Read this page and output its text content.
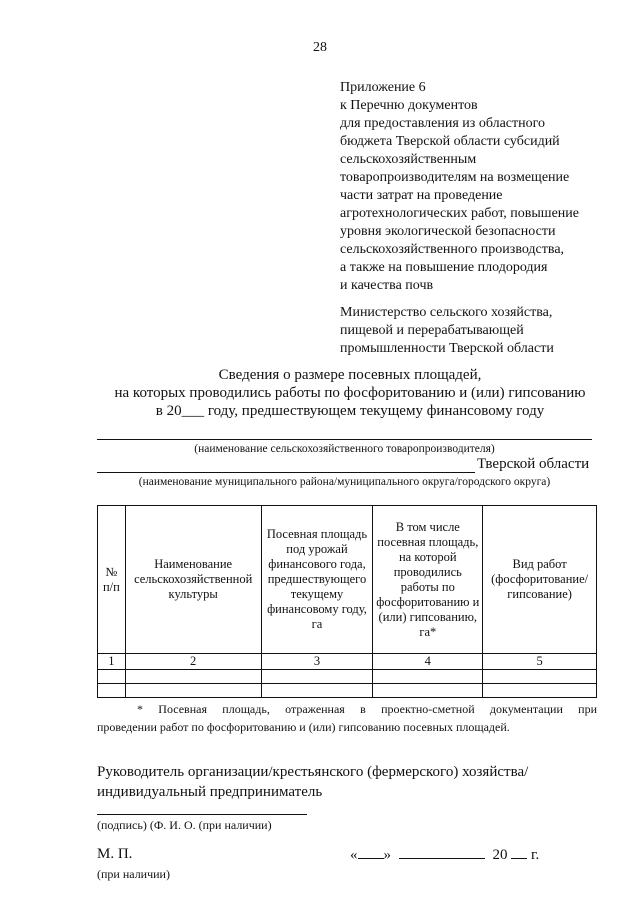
28
Приложение 6
к Перечню документов
для предоставления из областного
бюджета Тверской области субсидий
сельскохозяйственным
товаропроизводителям на возмещение
части затрат на проведение
агротехнологических работ, повышение
уровня экологической безопасности
сельскохозяйственного производства,
а также на повышение плодородия
и качества почв
Министерство сельского хозяйства,
пищевой и перерабатывающей
промышленности Тверской области
Сведения о размере посевных площадей,
на которых проводились работы по фосфоритованию и (или) гипсованию
в 20___ году, предшествующем текущему финансовому году
(наименование сельскохозяйственного товаропроизводителя)
Тверской области
(наименование муниципального района/муниципального округа/городского округа)
№ п/п	Наименование сельскохозяйственной культуры	Посевная площадь под урожай финансового года, предшествующего текущему финансовому году, га	В том числе посевная площадь, на которой проводились работы по фосфоритованию и (или) гипсованию, га*	Вид работ (фосфоритование/ гипсование)
1	2	3	4	5

* Посевная площадь, отраженная в проектно-сметной документации при
проведении работ по фосфоритованию и (или) гипсованию посевных площадей.
Руководитель организации/крестьянского (фермерского) хозяйства/
индивидуальный предприниматель
(подпись) (Ф. И. О. (при наличии)
М. П.
(при наличии)
« »	20 г.
